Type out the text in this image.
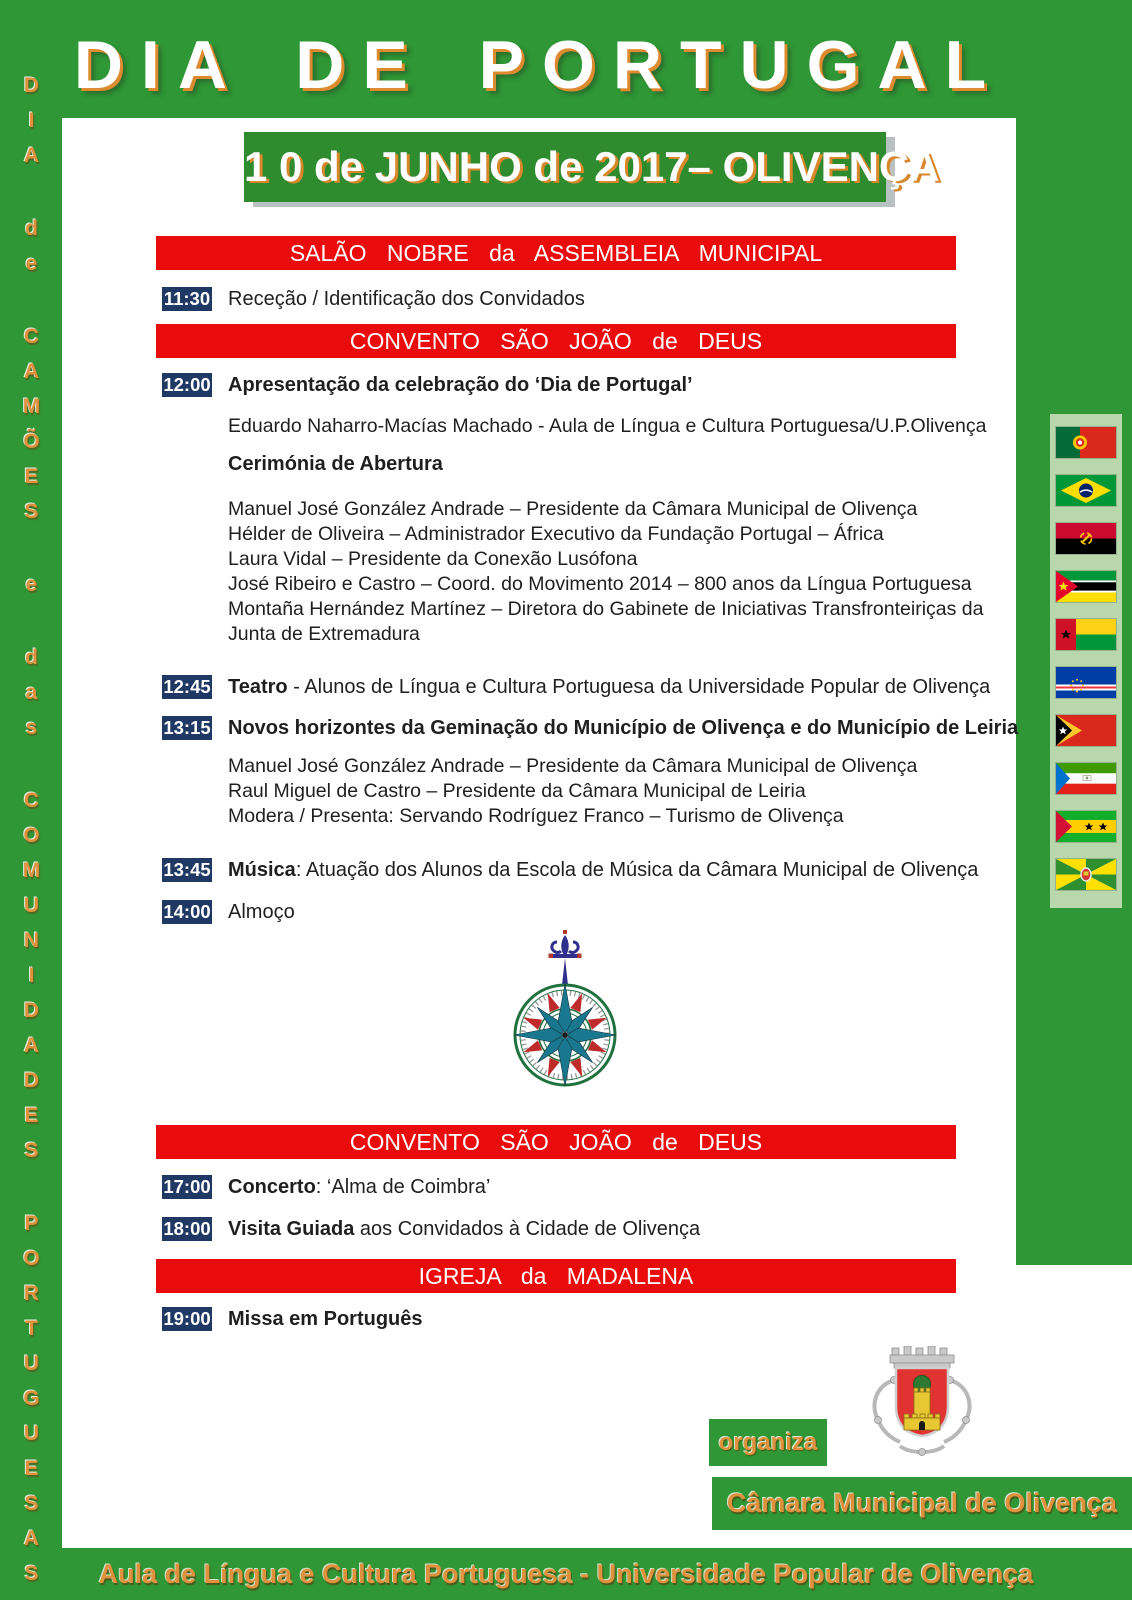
DIA DE PORTUGAL
1 0 de JUNHO de 2017– OLIVENÇA
DIA
de
CAMÕES
e
das
COMUNIDADES
PORTUGUESAS
SALÃO NOBRE da ASSEMBLEIA MUNICIPAL
CONVENTO SÃO JOÃO de DEUS
CONVENTO SÃO JOÃO de DEUS
IGREJA da MADALENA
11:30 Receção / Identificação dos Convidados
12:00 Apresentação da celebração do ‘Dia de Portugal’
12:45 Teatro - Alunos de Língua e Cultura Portuguesa da Universidade Popular de Olivença
13:15 Novos horizontes da Geminação do Município de Olivença e do Município de Leiria
13:45 Música: Atuação dos Alunos da Escola de Música da Câmara Municipal de Olivença
14:00 Almoço
17:00 Concerto: ‘Alma de Coimbra’
18:00 Visita Guiada aos Convidados à Cidade de Olivença
19:00 Missa em Português
Eduardo Naharro-Macías Machado - Aula de Língua e Cultura Portuguesa/U.P.Olivença
Cerimónia de Abertura
Manuel José González Andrade – Presidente da Câmara Municipal de Olivença
Hélder de Oliveira – Administrador Executivo da Fundação Portugal – África
Laura Vidal – Presidente da Conexão Lusófona
José Ribeiro e Castro – Coord. do Movimento 2014 – 800 anos da Língua Portuguesa
Montaña Hernández Martínez – Diretora do Gabinete de Iniciativas Transfronteiriças da Junta de Extremadura
Manuel José González Andrade – Presidente da Câmara Municipal de Olivença
Raul Miguel de Castro – Presidente da Câmara Municipal de Leiria
Modera / Presenta: Servando Rodríguez Franco – Turismo de Olivença
organiza
Câmara Municipal de Olivença
Aula de Língua e Cultura Portuguesa - Universidade Popular de Olivença
